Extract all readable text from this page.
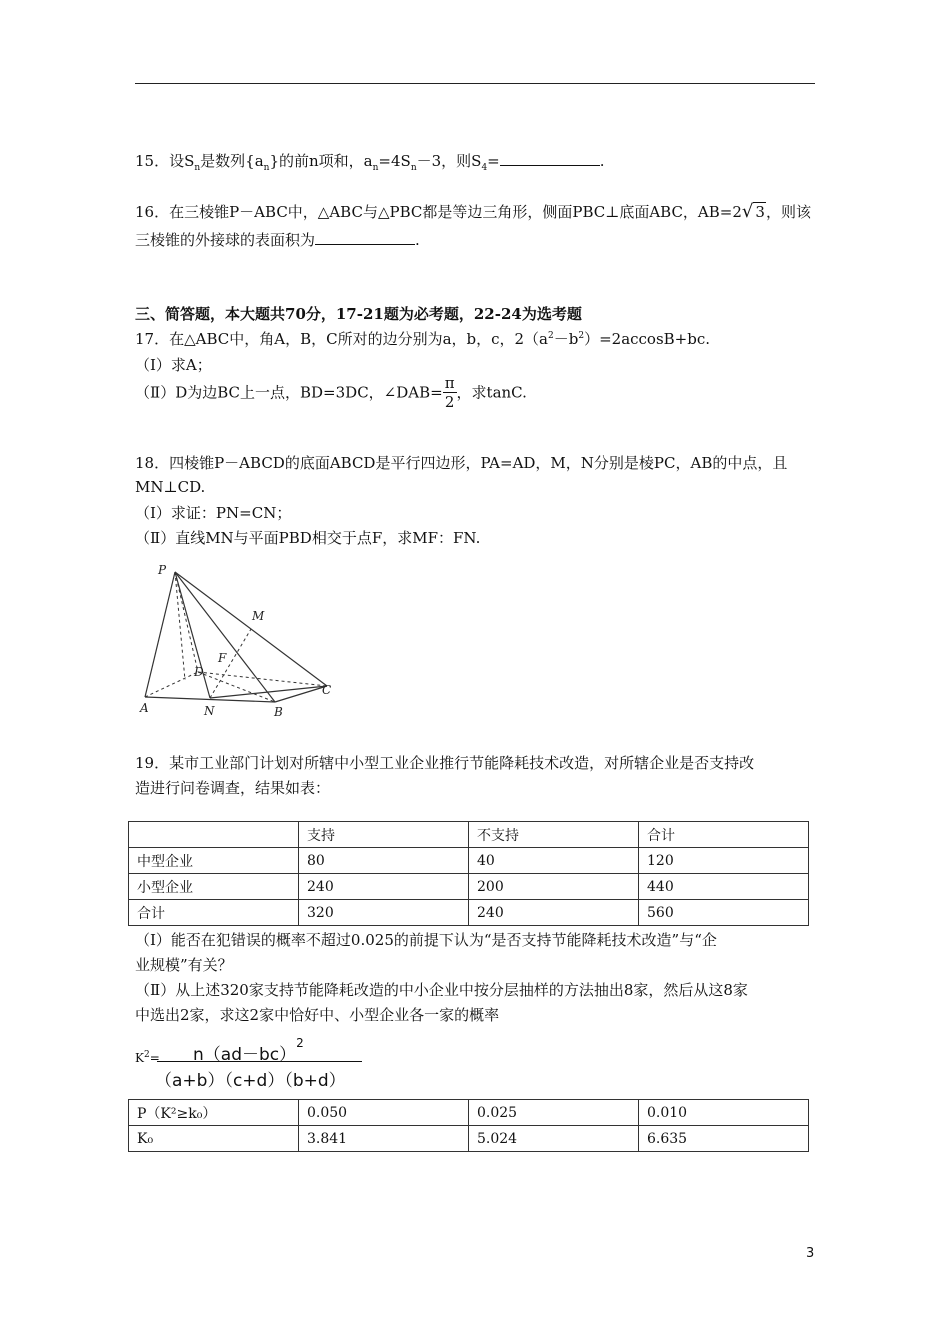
15．设$S_n$是数列$\{a_n\}$的前n项和，$a_n=4S_n-3$，则$S_4=$	.
16．在三棱锥P－ABC中，△ABC与△PBC都是等边三角形，侧面PBC⊥底面ABC，AB=2√ 3，则该
三棱锥的外接球的表面积为	.
三、简答题，本大题共70分，17-21题为必考题，22-24为选考题
17．在△ABC中，角A，B，C所对的边分别为a，b，c，$2(a^2-b^2)=2accosB+bc$.
（Ⅰ）求A；
（Ⅱ）D为边BC上一点，BD=3DC，∠DAB= $\frac{\pi}{2}$ ，求tanC.
18．四棱锥P－ABCD的底面ABCD是平行四边形，PA=AD，M，N分别是棱PC，AB的中点，且
MN⊥CD.
（Ⅰ）求证：PN=CN；
（Ⅱ）直线MN与平面PBD相交于点F，求MF：FN.
P
M
F
D
A	N	B
C
19．某市工业部门计划对所辖中小型工业企业推行节能降耗技术改造，对所辖企业是否支持改
造进行问卷调查，结果如表：
	支持	不支持	合计
中型企业	80	40	120
小型企业	240	200	440
合计	320	240	560
（Ⅰ）能否在犯错误的概率不超过0.025的前提下认为“是否支持节能降耗技术改造”与“企
业规模”有关？
（Ⅱ）从上述320家支持节能降耗改造的中小企业中按分层抽样的方法抽出8家，然后从这8家
中选出2家，求这2家中恰好中、小型企业各一家的概率
$K^2= n(ad-bc)^2$
（a+b）（c+d）（b+d）
P（K²≥k₀）	0.050	0.025	0.010
K₀	3.841	5.024	6.635
3
